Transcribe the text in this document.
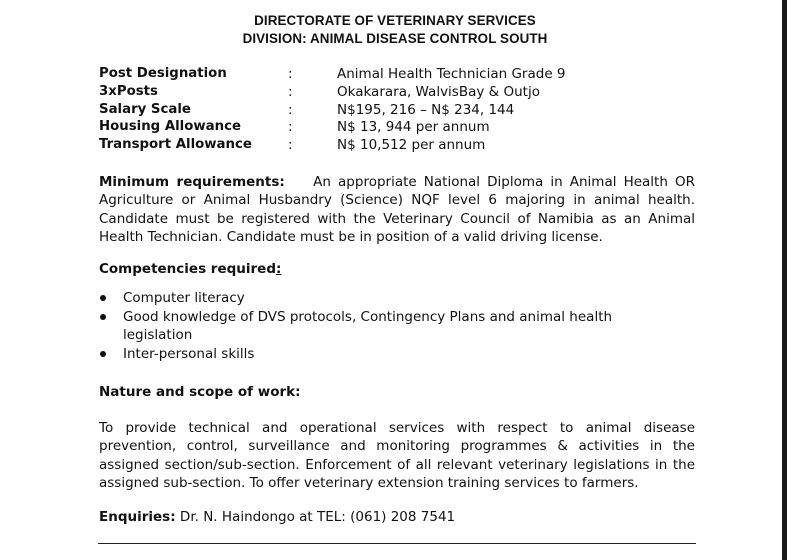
DIRECTORATE OF VETERINARY SERVICES
DIVISION: ANIMAL DISEASE CONTROL SOUTH
Post Designation	:	Animal Health Technician Grade 9
3xPosts	:	Okakarara, WalvisBay & Outjo
Salary Scale	:	N$195, 216 – N$ 234, 144
Housing Allowance	:	N$ 13, 944 per annum
Transport Allowance	:	N$ 10,512 per annum
Minimum requirements: An appropriate National Diploma in Animal Health OR Agriculture or Animal Husbandry (Science) NQF level 6 majoring in animal health. Candidate must be registered with the Veterinary Council of Namibia as an Animal Health Technician. Candidate must be in position of a valid driving license.
Competencies required:
Computer literacy
Good knowledge of DVS protocols, Contingency Plans and animal health legislation
Inter-personal skills
Nature and scope of work:
To provide technical and operational services with respect to animal disease prevention, control, surveillance and monitoring programmes & activities in the assigned section/sub-section. Enforcement of all relevant veterinary legislations in the assigned sub-section. To offer veterinary extension training services to farmers.
Enquiries: Dr. N. Haindongo at TEL: (061) 208 7541
